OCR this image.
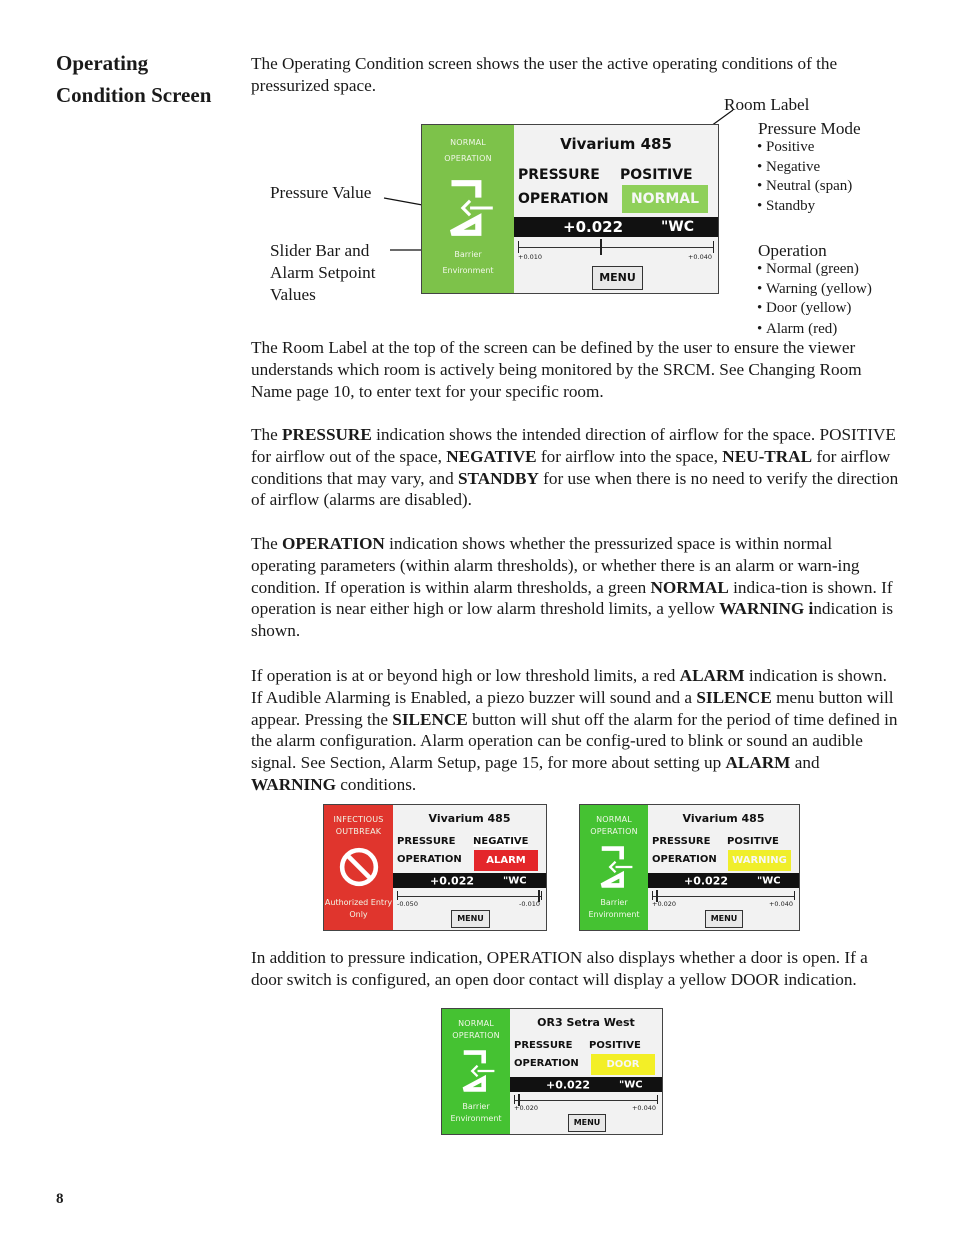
Operating
Condition Screen

The Operating Condition screen shows the user the active operating conditions of the pressurized space.

Room Label
Pressure Mode
• Positive
• Negative
• Neutral (span)
• Standby
Pressure Value
Slider Bar and
Alarm Setpoint
Values
Operation
• Normal (green)
• Warning (yellow)
• Door (yellow)
• Alarm (red)
NORMAL
OPERATION
Barrier
Environment
Vivarium 485
PRESSURE POSITIVE
OPERATION	NORMAL
+0.022	"WC
+0.010	+0.040
MENU

The Room Label at the top of the screen can be defined by the user to ensure the viewer understands which room is actively being monitored by the SRCM. See Changing Room Name page 10, to enter text for your specific room.

The PRESSURE indication shows the intended direction of airflow for the space. POSITIVE for airflow out of the space, NEGATIVE for airflow into the space, NEU-TRAL for airflow conditions that may vary, and STANDBY for use when there is no need to verify the direction of airflow (alarms are disabled).

The OPERATION indication shows whether the pressurized space is within normal operating parameters (within alarm thresholds), or whether there is an alarm or warn-ing condition. If operation is within alarm thresholds, a green NORMAL indica-tion is shown. If operation is near either high or low alarm threshold limits, a yellow WARNING indication is shown.

If operation is at or beyond high or low threshold limits, a red ALARM indication is shown. If Audible Alarming is Enabled, a piezo buzzer will sound and a SILENCE menu button will appear. Pressing the SILENCE button will shut off the alarm for the period of time defined in the alarm configuration. Alarm operation can be config-ured to blink or sound an audible signal. See Section, Alarm Setup, page 15, for more about setting up ALARM and WARNING conditions.

INFECTIOUS
OUTBREAK
Authorized Entry
Only
Vivarium 485
PRESSURE NEGATIVE
OPERATION	ALARM
+0.022	"WC
-0.050	-0.010
MENU
NORMAL
OPERATION
Barrier
Environment
Vivarium 485
PRESSURE POSITIVE
OPERATION	WARNING
+0.022	"WC
+0.020	+0.040
MENU

In addition to pressure indication, OPERATION also displays whether a door is open. If a door switch is configured, an open door contact will display a yellow DOOR indication.

NORMAL
OPERATION
Barrier
Environment
OR3 Setra West
PRESSURE POSITIVE
OPERATION	DOOR
+0.022	"WC
+0.020	+0.040
MENU
8
